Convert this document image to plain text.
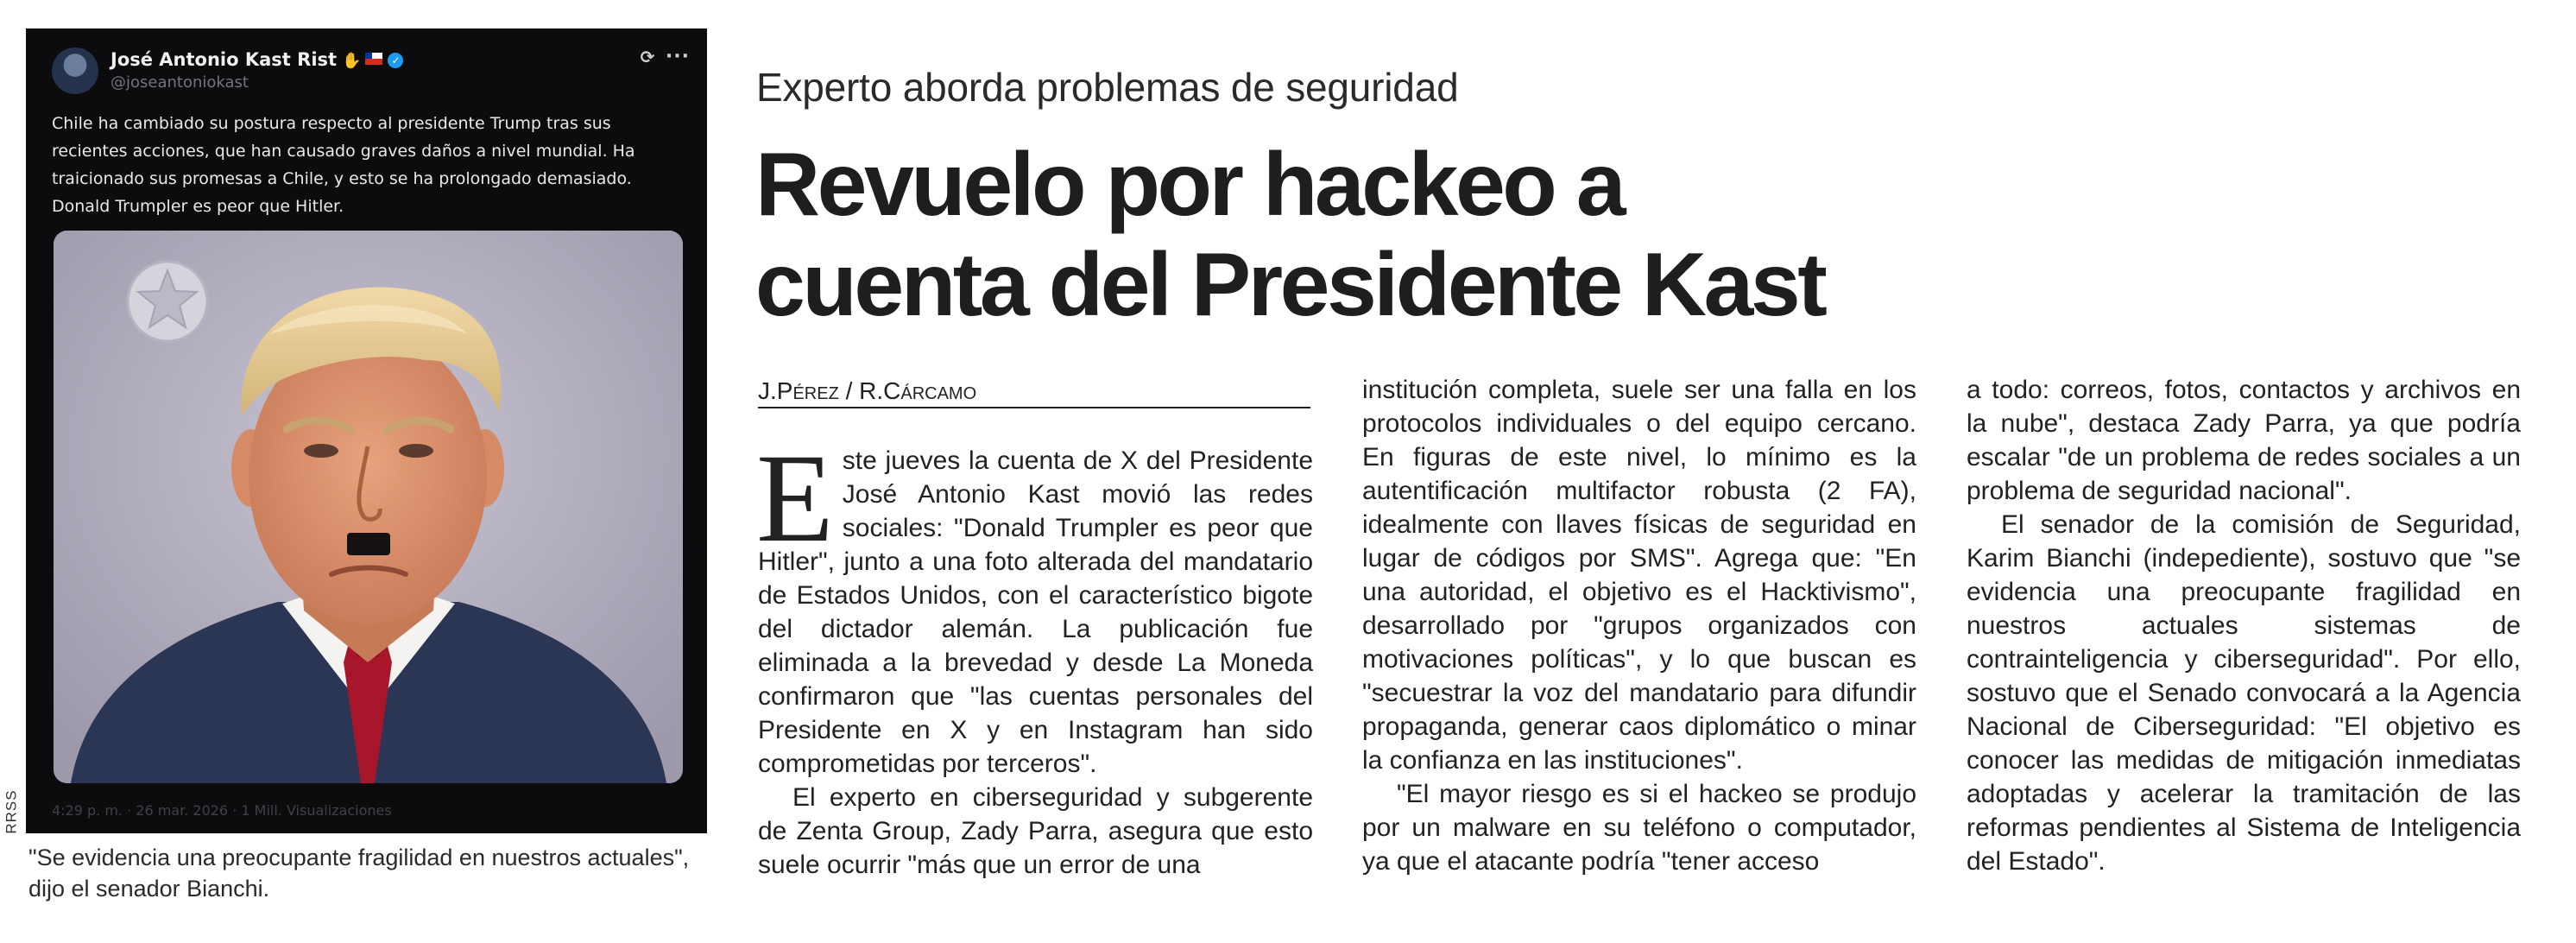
José Antonio Kast Rist ✋	✓
@joseantoniokast
⟳ ···

Chile ha cambiado su postura respecto al presidente Trump tras sus recientes acciones, que han causado graves daños a nivel mundial. Ha traicionado sus promesas a Chile, y esto se ha prolongado demasiado. Donald Trumpler es peor que Hitler.

4:29 p. m. · 26 mar. 2026 · 1 Mill. Visualizaciones
RRSS

"Se evidencia una preocupante fragilidad en nuestros actuales", dijo el senador Bianchi.

Experto aborda problemas de seguridad
Revuelo por hackeo a cuenta del Presidente Kast
J.Pérez / R.Cárcamo

Este jueves la cuenta de X del Presidente José Antonio Kast movió las redes sociales: "Donald Trumpler es peor que Hitler", junto a una foto alterada del mandatario de Estados Unidos, con el característico bigote del dictador alemán. La publicación fue eliminada a la brevedad y desde La Moneda confirmaron que "las cuentas personales del Presidente en X y en Instagram han sido comprometidas por terceros".

El experto en ciberseguridad y subgerente de Zenta Group, Zady Parra, asegura que esto suele ocurrir "más que un error de una

institución completa, suele ser una falla en los protocolos individuales o del equipo cercano. En figuras de este nivel, lo mínimo es la autentificación multifactor robusta (2 FA), idealmente con llaves físicas de seguridad en lugar de códigos por SMS". Agrega que: "En una autoridad, el objetivo es el Hacktivismo", desarrollado por "grupos organizados con motivaciones políticas", y lo que buscan es "secuestrar la voz del mandatario para difundir propaganda, generar caos diplomático o minar la confianza en las instituciones".

"El mayor riesgo es si el hackeo se produjo por un malware en su teléfono o computador, ya que el atacante podría "tener acceso

a todo: correos, fotos, contactos y archivos en la nube", destaca Zady Parra, ya que podría escalar "de un problema de redes sociales a un problema de seguridad nacional".

El senador de la comisión de Seguridad, Karim Bianchi (indepediente), sostuvo que "se evidencia una preocupante fragilidad en nuestros actuales sistemas de contrainteligencia y ciberseguridad". Por ello, sostuvo que el Senado convocará a la Agencia Nacional de Ciberseguridad: "El objetivo es conocer las medidas de mitigación inmediatas adoptadas y acelerar la tramitación de las reformas pendientes al Sistema de Inteligencia del Estado".
